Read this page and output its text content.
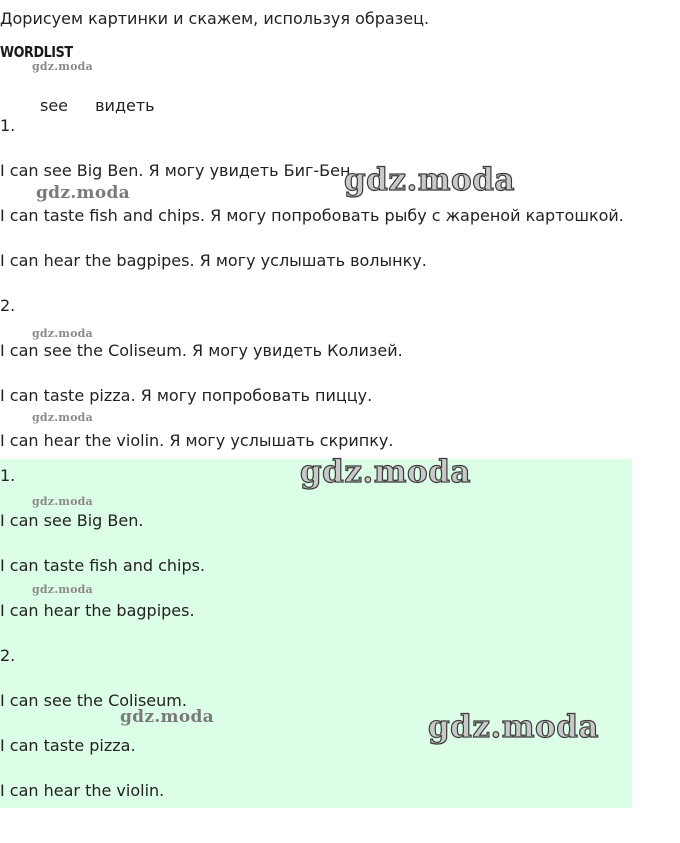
Дорисуем картинки и скажем, используя образец.
WORDLIST
see видеть
1.
I can see Big Ben. Я могу увидеть Биг-Бен.
I can taste fish and chips. Я могу попробовать рыбу с жареной картошкой.
I can hear the bagpipes. Я могу услышать волынку.
2.
I can see the Coliseum. Я могу увидеть Колизей.
I can taste pizza. Я могу попробовать пиццу.
I can hear the violin. Я могу услышать скрипку.
1.
I can see Big Ben.
I can taste fish and chips.
I can hear the bagpipes.
2.
I can see the Coliseum.
I can taste pizza.
I can hear the violin.
gdz.moda
gdz.moda
gdz.moda
gdz.moda
gdz.moda
gdz.moda
gdz.moda
gdz.moda
gdz.moda
gdz.moda
